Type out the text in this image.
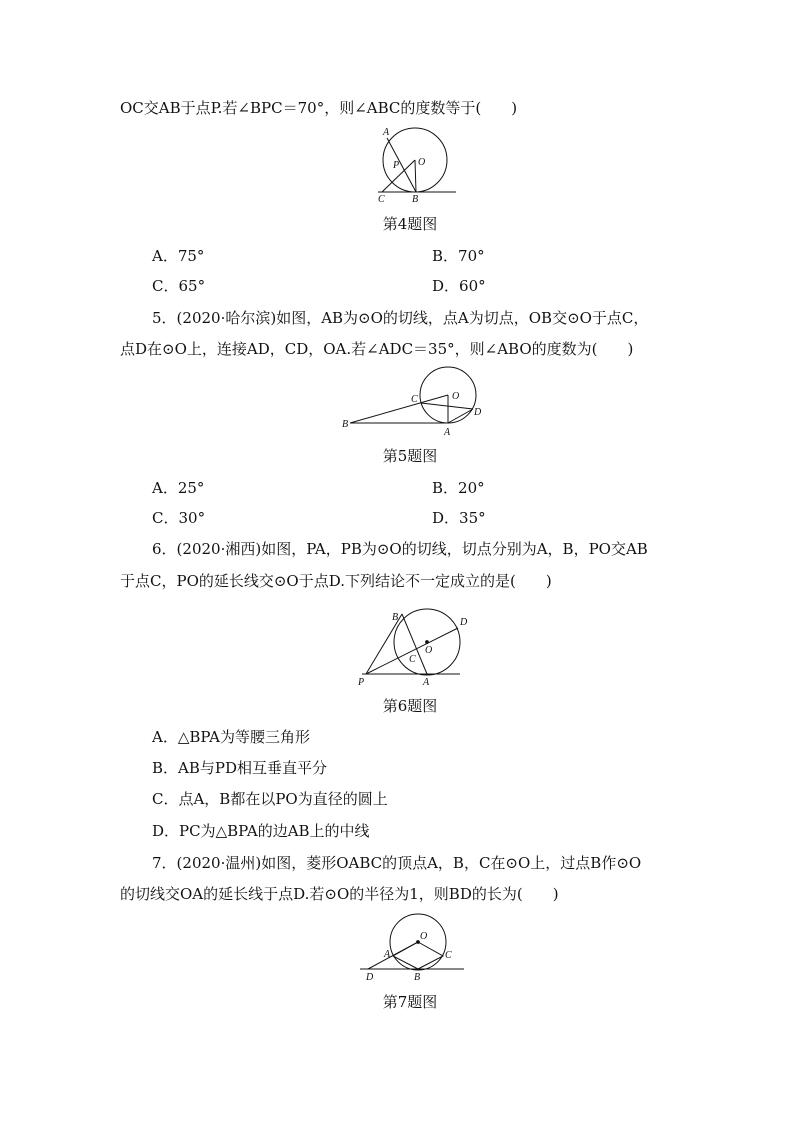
OC交AB于点P.若∠BPC＝70°，则∠ABC的度数等于(　　)
A
P O
C	B
第4题图
A．75°	B．70°
C．65°	D．60°
5．(2020·哈尔滨)如图，AB为⊙O的切线，点A为切点，OB交⊙O于点C，
点D在⊙O上，连接AD，CD，OA.若∠ADC＝35°，则∠ABO的度数为(　　)
C	O
D
B
A
第5题图
A．25°	B．20°
C．30°	D．35°
6．(2020·湘西)如图，PA，PB为⊙O的切线，切点分别为A，B，PO交AB
于点C，PO的延长线交⊙O于点D.下列结论不一定成立的是(　　)
B	D
O
C
P	A
第6题图
A．△BPA为等腰三角形
B．AB与PD相互垂直平分
C．点A，B都在以PO为直径的圆上
D．PC为△BPA的边AB上的中线
7．(2020·温州)如图，菱形OABC的顶点A，B，C在⊙O上，过点B作⊙O
的切线交OA的延长线于点D.若⊙O的半径为1，则BD的长为(　　)
O
A	C
D	B
第7题图
